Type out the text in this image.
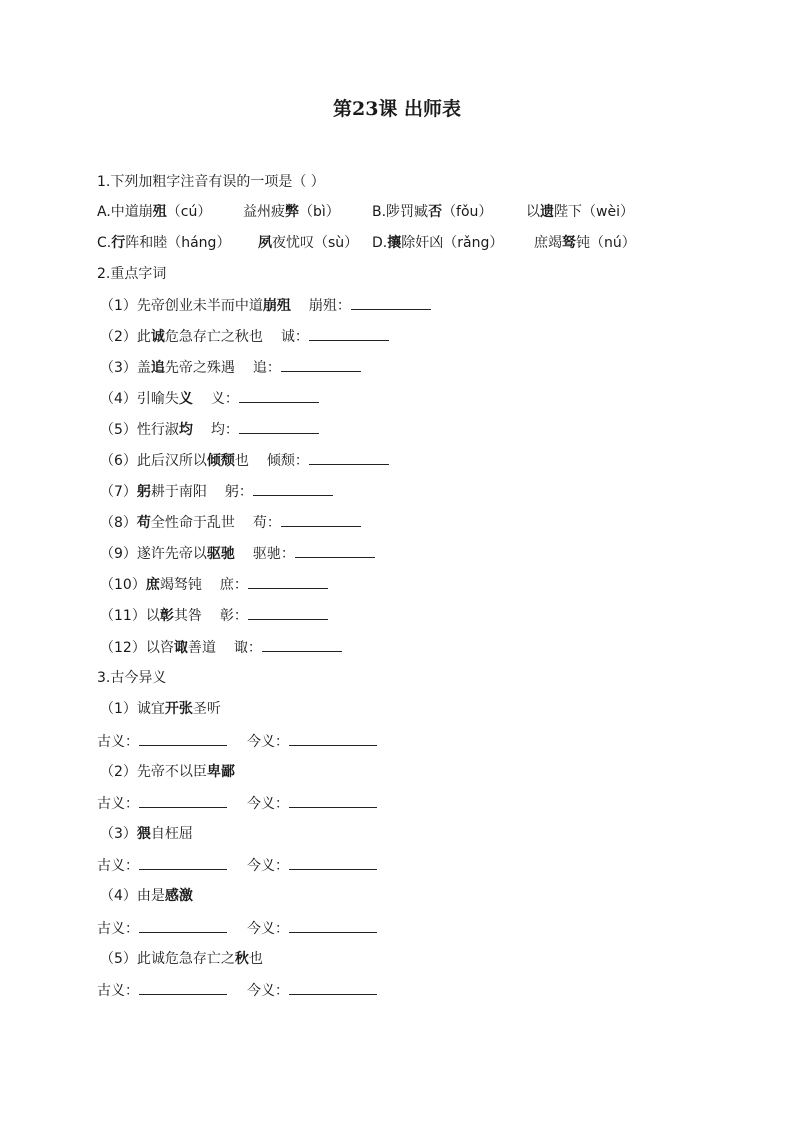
第23课 出师表
1.下列加粗字注音有误的一项是（ ）
A.中道崩殂（cú） 益州疲弊（bì） B.陟罚臧否（fǒu） 以遗陛下（wèi）
C.行阵和睦（háng） 夙夜忧叹（sù） D.攘除奸凶（rǎng） 庶竭驽钝（nú）
2.重点字词
（1）先帝创业未半而中道崩殂 崩殂：
（2）此诚危急存亡之秋也 诚：
（3）盖追先帝之殊遇 追：
（4）引喻失义 义：
（5）性行淑均 均：
（6）此后汉所以倾颓也 倾颓：
（7）躬耕于南阳 躬：
（8）苟全性命于乱世 苟：
（9）遂许先帝以驱驰 驱驰：
（10）庶竭驽钝 庶：
（11）以彰其咎 彰：
（12）以咨诹善道 诹：
3.古今异义
（1）诚宜开张圣听
古义：	今义：
（2）先帝不以臣卑鄙
古义：	今义：
（3）猥自枉屈
古义：	今义：
（4）由是感激
古义：	今义：
（5）此诚危急存亡之秋也
古义：	今义：
